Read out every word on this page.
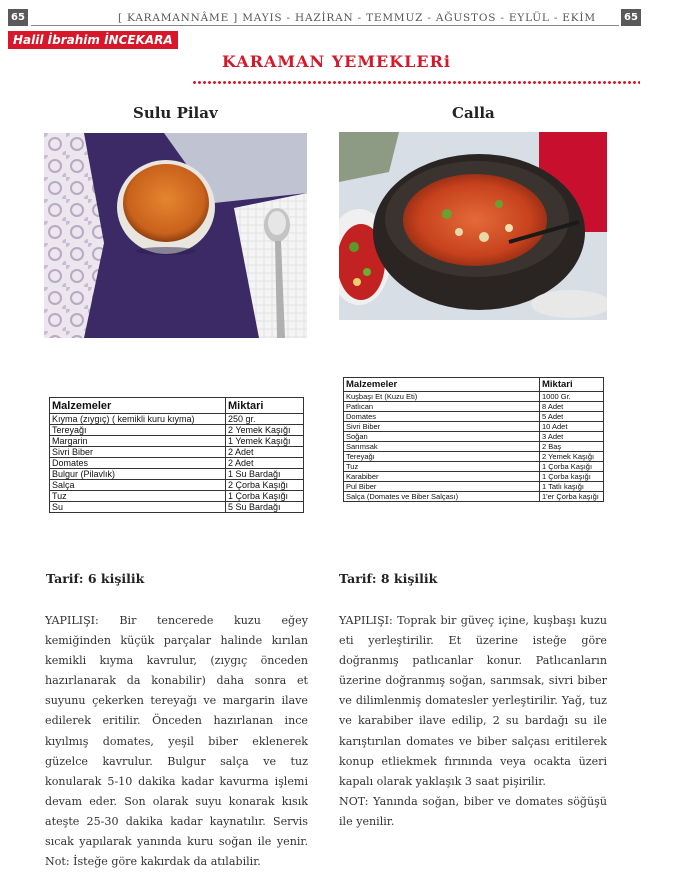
65	[ KARAMANNÂME ] MAYIS - HAZİRAN - TEMMUZ - AĞUSTOS - EYLÜL - EKİM	65
Halil İbrahim İNCEKARA
KARAMAN YEMEKLERi
Sulu Pilav	Calla
Malzemeler	Miktari
Kıyma (zıygıç) ( kemikli kuru kıyma)	250 gr.
Tereyağı	2 Yemek Kaşığı
Margarin	1 Yemek Kaşığı
Sivri Biber	2 Adet
Domates	2 Adet
Bulgur (Pilavlık)	1 Su Bardağı
Salça	2 Çorba Kaşığı
Tuz	1 Çorba Kaşığı
Su	5 Su Bardağı
Malzemeler	Miktari
Kuşbaşı Et (Kuzu Eti)	1000 Gr.
Patlıcan	8 Adet
Domates	5 Adet
Sivri Biber	10 Adet
Soğan	3 Adet
Sarımsak	2 Baş
Tereyağı	2 Yemek Kaşığı
Tuz	1 Çorba Kaşığı
Karabiber	1 Çorba kaşığı
Pul Biber	1 Tatlı kaşığı
Salça (Domates ve Biber Salçası)	1'er Çorba kaşığı
Tarif: 6 kişilik	Tarif: 8 kişilik

YAPILIŞI: Bir tencerede kuzu eğey kemiğinden küçük parçalar halinde kırılan kemikli kıyma kavrulur, (zıygıç önceden hazırlanarak da konabilir) daha sonra et suyunu çekerken tereyağı ve margarin ilave edilerek eritilir. Önceden hazırlanan ince kıyılmış domates, yeşil biber eklenerek güzelce kavrulur. Bulgur salça ve tuz konularak 5-10 dakika kadar kavurma işlemi devam eder. Son olarak suyu konarak kısık ateşte 25-30 dakika kadar kaynatılır. Servis sıcak yapılarak yanında kuru soğan ile yenir. Not: İsteğe göre kakırdak da atılabilir.

YAPILIŞI: Toprak bir güveç içine, kuşbaşı kuzu eti yerleştirilir. Et üzerine isteğe göre doğranmış patlıcanlar konur. Patlıcanların üzerine doğranmış soğan, sarımsak, sivri biber ve dilimlenmiş domatesler yerleştirilir. Yağ, tuz ve karabiber ilave edilip, 2 su bardağı su ile karıştırılan domates ve biber salçası eritilerek konup etliekmek fırınında veya ocakta üzeri kapalı olarak yaklaşık 3 saat pişirilir.

NOT: Yanında soğan, biber ve domates söğüşü ile yenilir.
